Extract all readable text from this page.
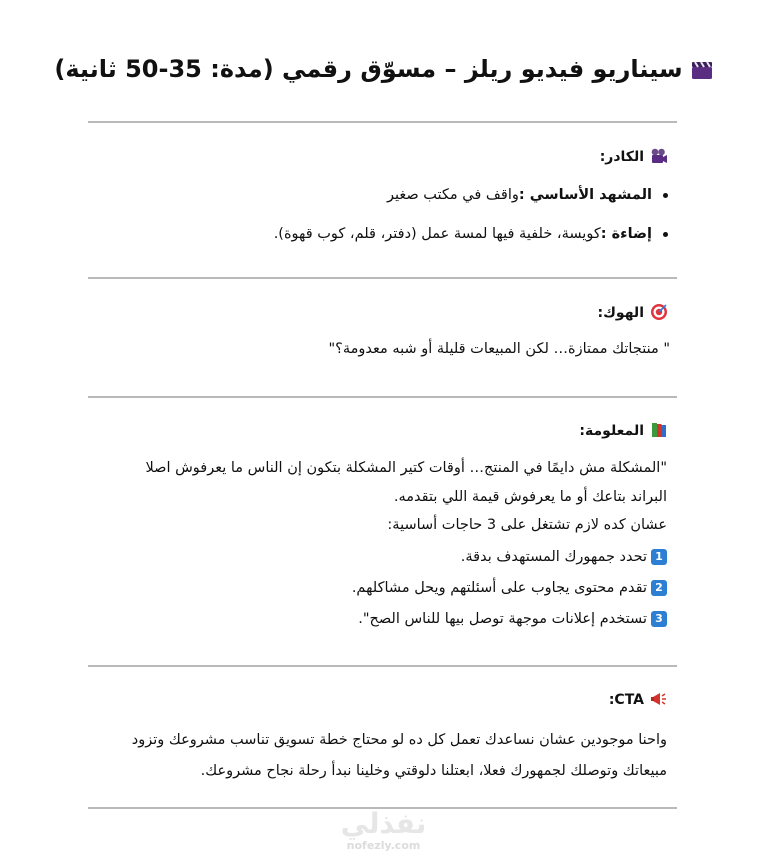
سيناريو فيديو ريلز – مسوّق رقمي (مدة: 35-50 ثانية)
الكادر:
المشهد الأساسي :واقف في مكتب صغير
إضاءة :كويسة، خلفية فيها لمسة عمل (دفتر، قلم، كوب قهوة).
الهوك:
" منتجاتك ممتازة… لكن المبيعات قليلة أو شبه معدومة؟"
المعلومة:
"المشكلة مش دايمًا في المنتج… أوقات كتير المشكلة بتكون إن الناس ما يعرفوش اصلا
البراند بتاعك أو ما يعرفوش قيمة اللي بتقدمه.
عشان كده لازم تشتغل على 3 حاجات أساسية:
1تحدد جمهورك المستهدف بدقة.
2تقدم محتوى يجاوب على أسئلتهم ويحل مشاكلهم.
3تستخدم إعلانات موجهة توصل بيها للناس الصح".
:CTA
واحنا موجودين عشان نساعدك تعمل كل ده لو محتاج خطة تسويق تناسب مشروعك وتزود مبيعاتك وتوصلك لجمهورك فعلا، ابعتلنا دلوقتي وخلينا نبدأ رحلة نجاح مشروعك.
نفذلي
nofezly.com
